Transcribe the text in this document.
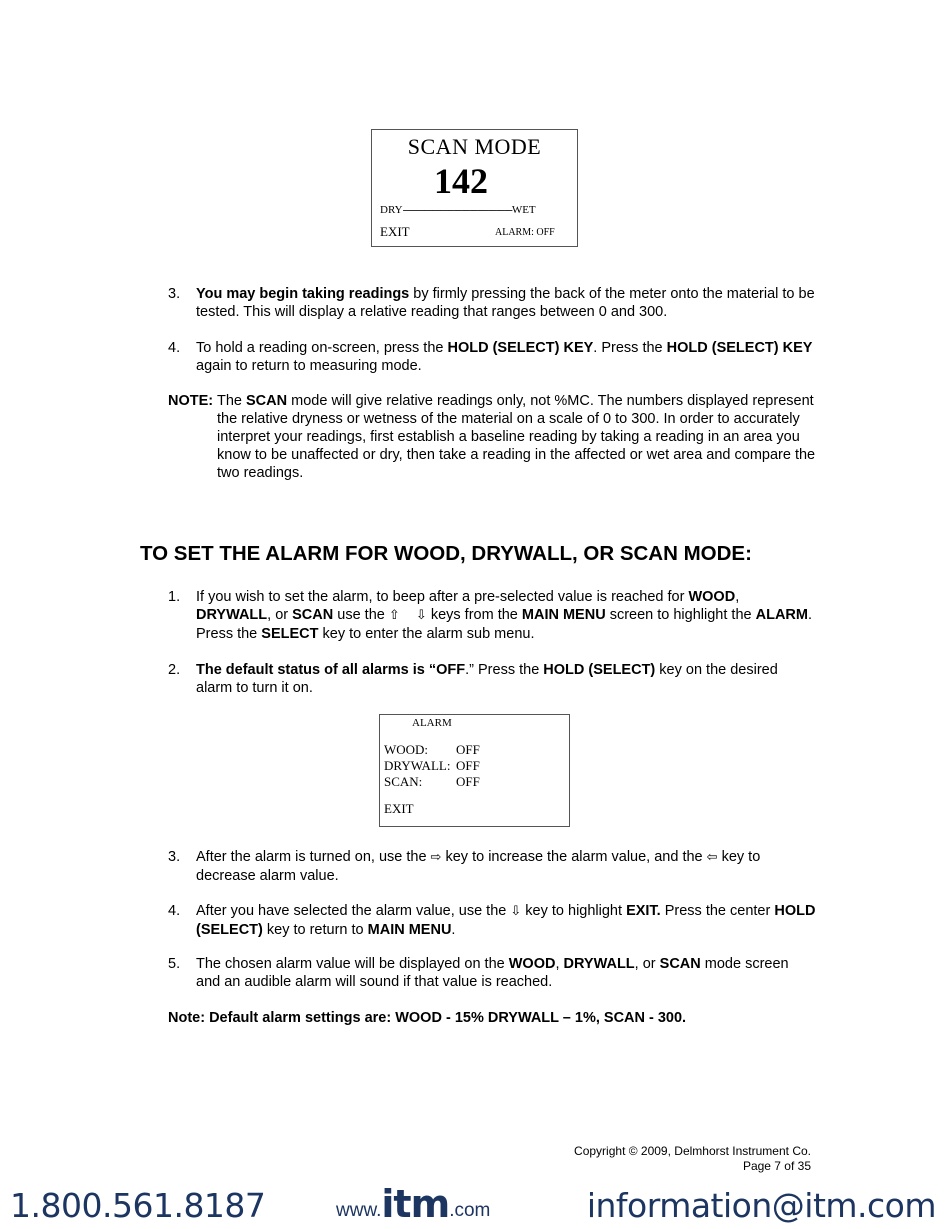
SCAN MODE
142
DRY-----------------------------------------WET
EXIT	ALARM: OFF
3.	You may begin taking readings by firmly pressing the back of the meter onto the material to be tested. This will display a relative reading that ranges between 0 and 300.
4.	To hold a reading on-screen, press the HOLD (SELECT) KEY. Press the HOLD (SELECT) KEY again to return to measuring mode.
NOTE: The SCAN mode will give relative readings only, not %MC. The numbers displayed represent the relative dryness or wetness of the material on a scale of 0 to 300. In order to accurately interpret your readings, first establish a baseline reading by taking a reading in an area you know to be unaffected or dry, then take a reading in the affected or wet area and compare the two readings.
TO SET THE ALARM FOR WOOD, DRYWALL, OR SCAN MODE:
1.	If you wish to set the alarm, to beep after a pre-selected value is reached for WOOD, DRYWALL, or SCAN use the ⇧ ⇩ keys from the MAIN MENU screen to highlight the ALARM. Press the SELECT key to enter the alarm sub menu.
2.	The default status of all alarms is “OFF.” Press the HOLD (SELECT) key on the desired alarm to turn it on.
ALARM
WOOD: OFF
DRYWALL: OFF
SCAN:	OFF
EXIT
3.	After the alarm is turned on, use the ⇨ key to increase the alarm value, and the ⇦ key to decrease alarm value.
4.	After you have selected the alarm value, use the ⇩ key to highlight EXIT. Press the center HOLD (SELECT) key to return to MAIN MENU.
5.	The chosen alarm value will be displayed on the WOOD, DRYWALL, or SCAN mode screen and an audible alarm will sound if that value is reached.
Note: Default alarm settings are: WOOD - 15% DRYWALL – 1%, SCAN - 300.
Copyright © 2009, Delmhorst Instrument Co.
Page 7 of 35
1.800.561.8187	www.itm.com	information@itm.com
